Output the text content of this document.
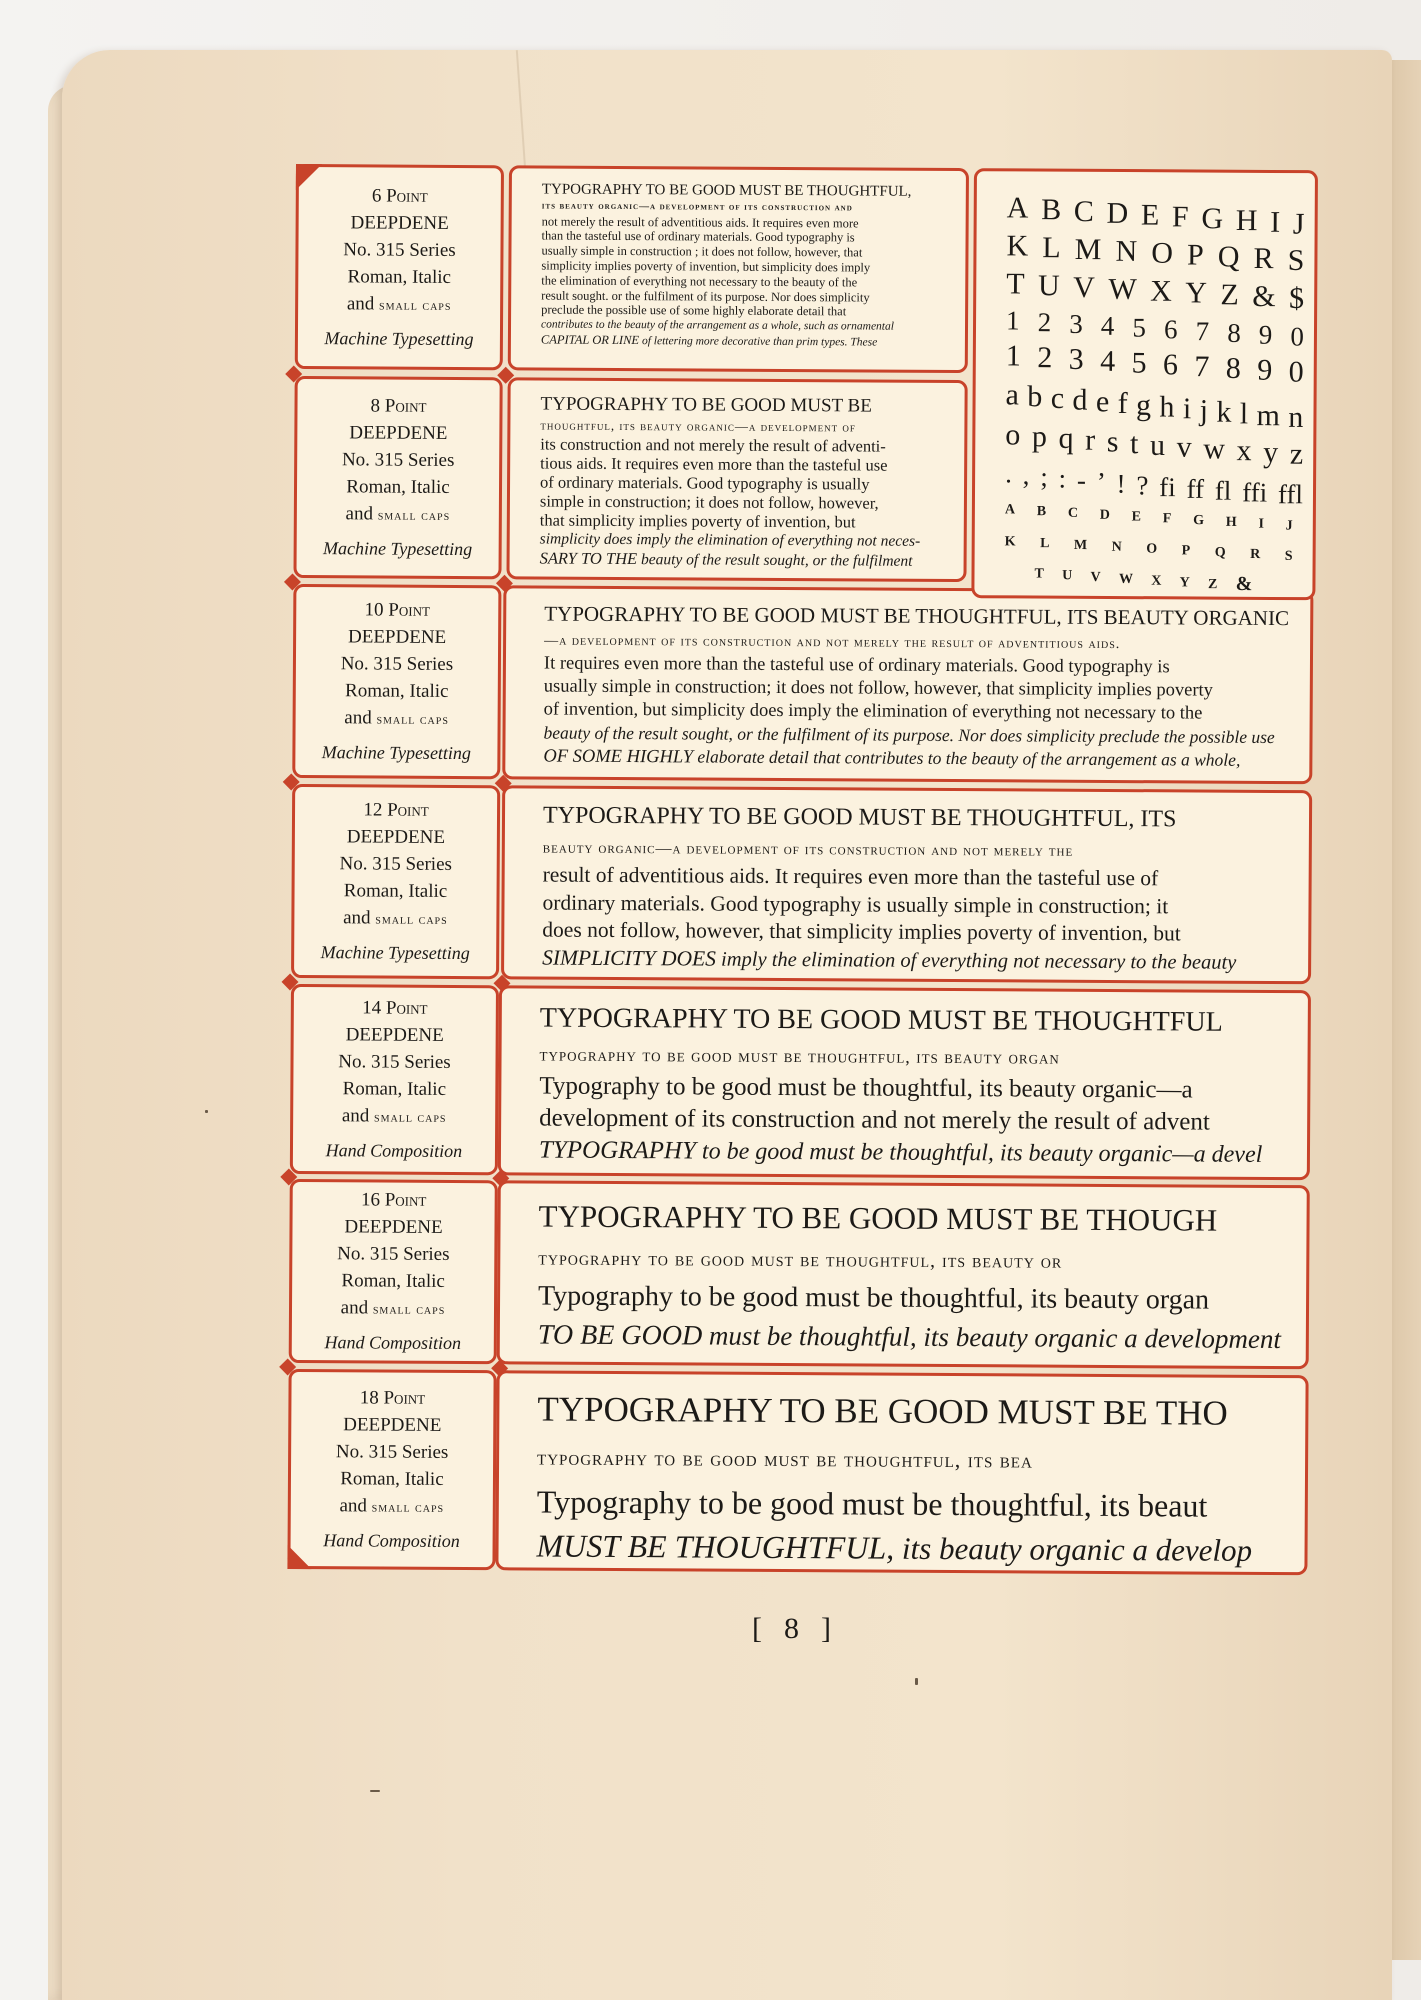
6 Point
DEEPDENE
No. 315 Series
Roman, Italic
and small caps
Machine Typesetting
8 Point
DEEPDENE
No. 315 Series
Roman, Italic
and small caps
Machine Typesetting
10 Point
DEEPDENE
No. 315 Series
Roman, Italic
and small caps
Machine Typesetting
12 Point
DEEPDENE
No. 315 Series
Roman, Italic
and small caps
Machine Typesetting
14 Point
DEEPDENE
No. 315 Series
Roman, Italic
and small caps
Hand Composition
16 Point
DEEPDENE
No. 315 Series
Roman, Italic
and small caps
Hand Composition
18 Point
DEEPDENE
No. 315 Series
Roman, Italic
and small caps
Hand Composition

TYPOGRAPHY TO BE GOOD MUST BE THOUGHTFUL,

its beauty organic—a development of its construction and

not merely the result of adventitious aids. It requires even more

than the tasteful use of ordinary materials. Good typography is

usually simple in construction ; it does not follow, however, that

simplicity implies poverty of invention, but simplicity does imply

the elimination of everything not necessary to the beauty of the

result sought. or the fulfilment of its purpose. Nor does simplicity

preclude the possible use of some highly elaborate detail that

contributes to the beauty of the arrangement as a whole, such as ornamental

CAPITAL OR LINE of lettering more decorative than prim types. These

TYPOGRAPHY TO BE GOOD MUST BE

thoughtful, its beauty organic—a development of

its construction and not merely the result of adventi-

tious aids. It requires even more than the tasteful use

of ordinary materials. Good typography is usually

simple in construction; it does not follow, however,

that simplicity implies poverty of invention, but

simplicity does imply the elimination of everything not neces-

SARY TO THE beauty of the result sought, or the fulfilment

TYPOGRAPHY TO BE GOOD MUST BE THOUGHTFUL, ITS BEAUTY ORGANIC

—a development of its construction and not merely the result of adventitious aids.

It requires even more than the tasteful use of ordinary materials. Good typography is

usually simple in construction; it does not follow, however, that simplicity implies poverty

of invention, but simplicity does imply the elimination of everything not necessary to the

beauty of the result sought, or the fulfilment of its purpose. Nor does simplicity preclude the possible use

OF SOME HIGHLY elaborate detail that contributes to the beauty of the arrangement as a whole,

TYPOGRAPHY TO BE GOOD MUST BE THOUGHTFUL, ITS

beauty organic—a development of its construction and not merely the

result of adventitious aids. It requires even more than the tasteful use of

ordinary materials. Good typography is usually simple in construction; it

does not follow, however, that simplicity implies poverty of invention, but

SIMPLICITY DOES imply the elimination of everything not necessary to the beauty

TYPOGRAPHY TO BE GOOD MUST BE THOUGHTFUL

typography to be good must be thoughtful, its beauty organ

Typography to be good must be thoughtful, its beauty organic—a

development of its construction and not merely the result of advent

TYPOGRAPHY to be good must be thoughtful, its beauty organic—a devel

TYPOGRAPHY TO BE GOOD MUST BE THOUGH

typography to be good must be thoughtful, its beauty or

Typography to be good must be thoughtful, its beauty organ

TO BE GOOD must be thoughtful, its beauty organic a development

TYPOGRAPHY TO BE GOOD MUST BE THO

typography to be good must be thoughtful, its bea

Typography to be good must be thoughtful, its beaut

MUST BE THOUGHTFUL, its beauty organic a develop

A B C D E F G H I J
K L M N O P Q R S
T U V W X Y Z & $
1 2 3 4 5 6 7 8 9 0
1 2 3 4 5 6 7 8 9 0
a b c d e f g h i j k l m n
o p q r s t u v w x y z
. , ; : - ’ ! ? fi ff fl ffi ffl
a b c d e f g h i j
k l m n o p q r s
t u v w x y z &
[8]
